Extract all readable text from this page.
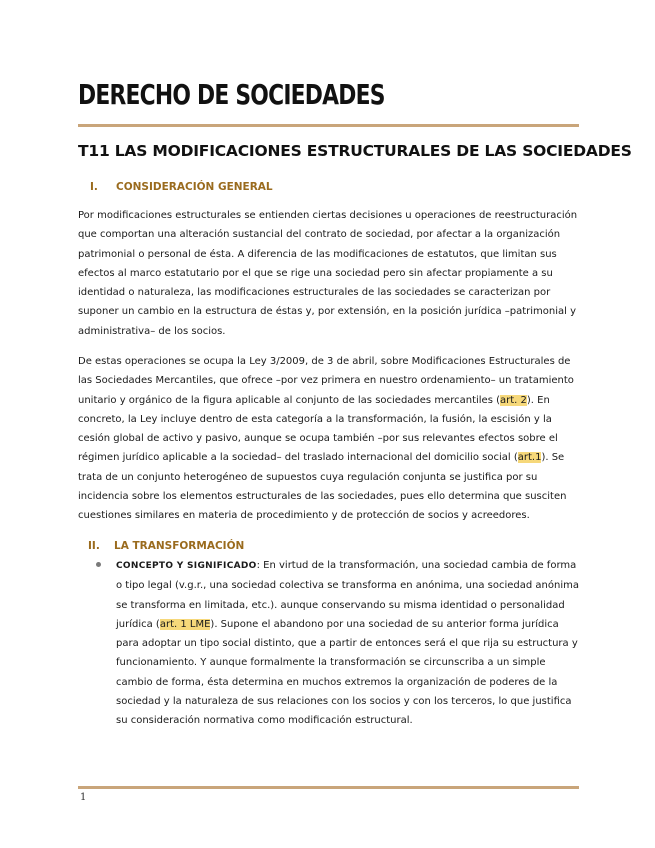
DERECHO DE SOCIEDADES
T11 LAS MODIFICACIONES ESTRUCTURALES DE LAS SOCIEDADES
I. CONSIDERACIÓN GENERAL

Por modificaciones estructurales se entienden ciertas decisiones u operaciones de reestructuración que comportan una alteración sustancial del contrato de sociedad, por afectar a la organización patrimonial o personal de ésta. A diferencia de las modificaciones de estatutos, que limitan sus efectos al marco estatutario por el que se rige una sociedad pero sin afectar propiamente a su identidad o naturaleza, las modificaciones estructurales de las sociedades se caracterizan por suponer un cambio en la estructura de éstas y, por extensión, en la posición jurídica –patrimonial y administrativa– de los socios.

De estas operaciones se ocupa la Ley 3/2009, de 3 de abril, sobre Modificaciones Estructurales de las Sociedades Mercantiles, que ofrece –por vez primera en nuestro ordenamiento– un tratamiento unitario y orgánico de la figura aplicable al conjunto de las sociedades mercantiles (art. 2). En concreto, la Ley incluye dentro de esta categoría a la transformación, la fusión, la escisión y la cesión global de activo y pasivo, aunque se ocupa también –por sus relevantes efectos sobre el régimen jurídico aplicable a la sociedad– del traslado internacional del domicilio social (art.1). Se trata de un conjunto heterogéneo de supuestos cuya regulación conjunta se justifica por su incidencia sobre los elementos estructurales de las sociedades, pues ello determina que susciten cuestiones similares en materia de procedimiento y de protección de socios y acreedores.

II. LA TRANSFORMACIÓN

CONCEPTO Y SIGNIFICADO: En virtud de la transformación, una sociedad cambia de forma o tipo legal (v.g.r., una sociedad colectiva se transforma en anónima, una sociedad anónima se transforma en limitada, etc.). aunque conservando su misma identidad o personalidad jurídica (art. 1 LME). Supone el abandono por una sociedad de su anterior forma jurídica para adoptar un tipo social distinto, que a partir de entonces será el que rija su estructura y funcionamiento. Y aunque formalmente la transformación se circunscriba a un simple cambio de forma, ésta determina en muchos extremos la organización de poderes de la sociedad y la naturaleza de sus relaciones con los socios y con los terceros, lo que justifica su consideración normativa como modificación estructural.

1
